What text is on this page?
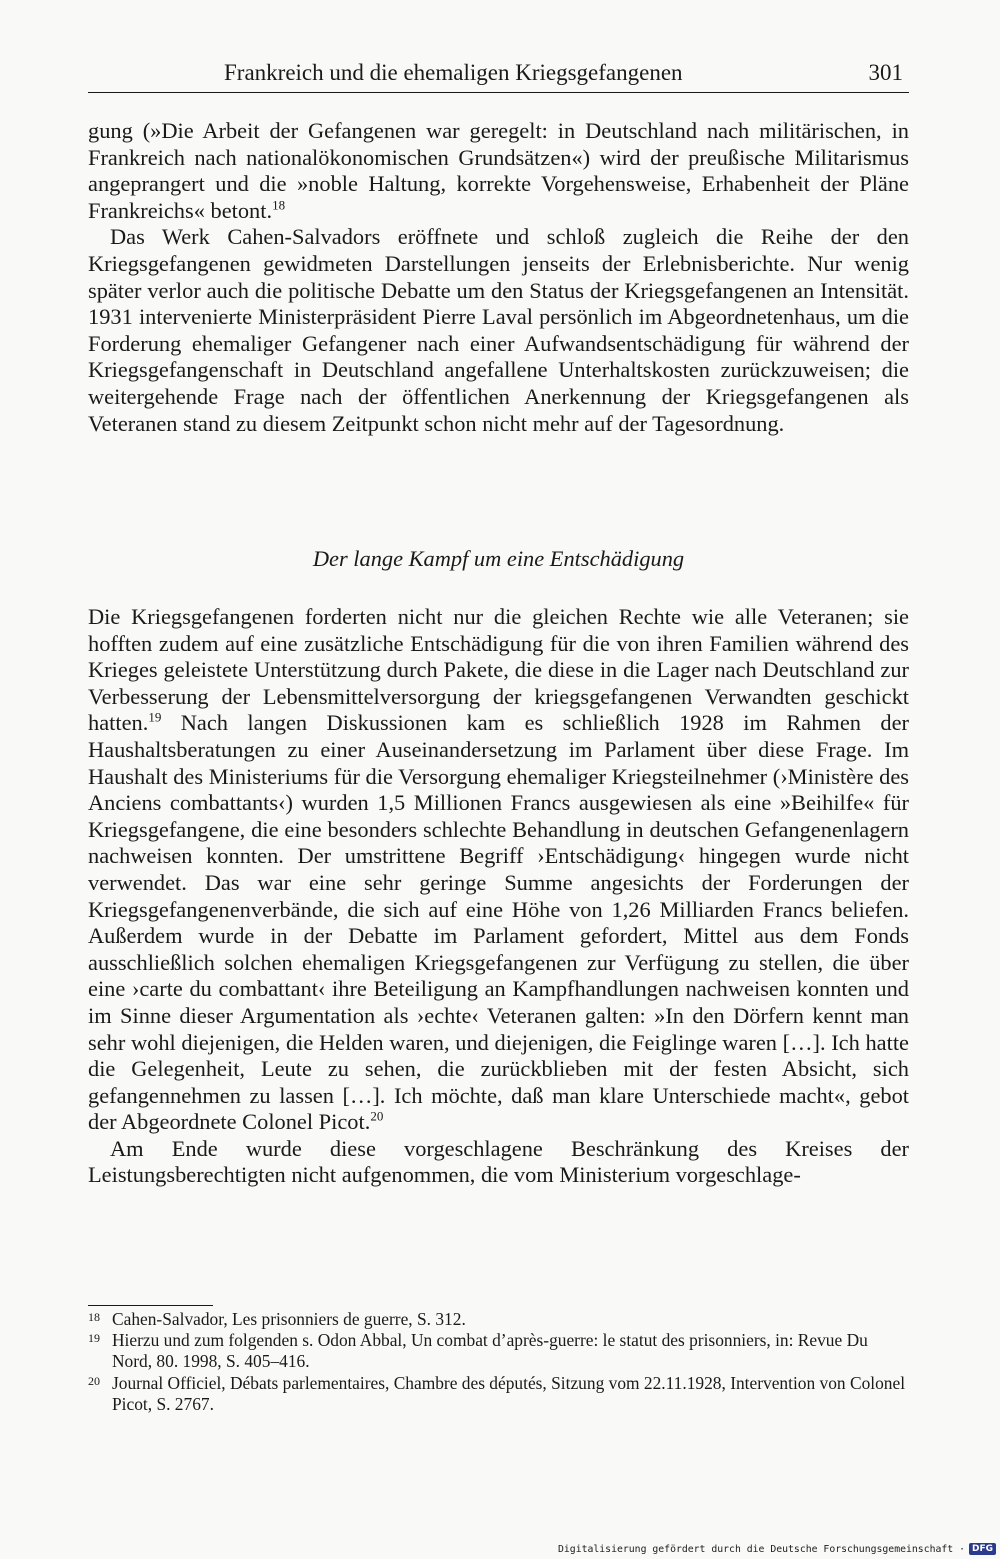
Frankreich und die ehemaligen Kriegsgefangenen	301

gung (»Die Arbeit der Gefangenen war geregelt: in Deutschland nach militärischen, in Frankreich nach nationalökonomischen Grundsätzen«) wird der preußische Militarismus angeprangert und die »noble Haltung, korrekte Vorgehensweise, Erhabenheit der Pläne Frankreichs« betont.$^{18}$

Das Werk Cahen-Salvadors eröffnete und schloß zugleich die Reihe der den Kriegsgefangenen gewidmeten Darstellungen jenseits der Erlebnisberichte. Nur wenig später verlor auch die politische Debatte um den Status der Kriegsgefangenen an Intensität. 1931 intervenierte Ministerpräsident Pierre Laval persönlich im Abgeordnetenhaus, um die Forderung ehemaliger Gefangener nach einer Aufwandsentschädigung für während der Kriegsgefangenschaft in Deutschland angefallene Unterhaltskosten zurückzuweisen; die weitergehende Frage nach der öffentlichen Anerkennung der Kriegsgefangenen als Veteranen stand zu diesem Zeitpunkt schon nicht mehr auf der Tagesordnung.

Der lange Kampf um eine Entschädigung

Die Kriegsgefangenen forderten nicht nur die gleichen Rechte wie alle Veteranen; sie hofften zudem auf eine zusätzliche Entschädigung für die von ihren Familien während des Krieges geleistete Unterstützung durch Pakete, die diese in die Lager nach Deutschland zur Verbesserung der Lebensmittelversorgung der kriegsgefangenen Verwandten geschickt hatten.$^{19}$ Nach langen Diskussionen kam es schließlich 1928 im Rahmen der Haushaltsberatungen zu einer Auseinandersetzung im Parlament über diese Frage. Im Haushalt des Ministeriums für die Versorgung ehemaliger Kriegsteilnehmer (›Ministère des Anciens combattants‹) wurden 1,5 Millionen Francs ausgewiesen als eine »Beihilfe« für Kriegsgefangene, die eine besonders schlechte Behandlung in deutschen Gefangenenlagern nachweisen konnten. Der umstrittene Begriff ›Entschädigung‹ hingegen wurde nicht verwendet. Das war eine sehr geringe Summe angesichts der Forderungen der Kriegsgefangenenverbände, die sich auf eine Höhe von 1,26 Milliarden Francs beliefen. Außerdem wurde in der Debatte im Parlament gefordert, Mittel aus dem Fonds ausschließlich solchen ehemaligen Kriegsgefangenen zur Verfügung zu stellen, die über eine ›carte du combattant‹ ihre Beteiligung an Kampfhandlungen nachweisen konnten und im Sinne dieser Argumentation als ›echte‹ Veteranen galten: »In den Dörfern kennt man sehr wohl diejenigen, die Helden waren, und diejenigen, die Feiglinge waren […]. Ich hatte die Gelegenheit, Leute zu sehen, die zurückblieben mit der festen Absicht, sich gefangennehmen zu lassen […]. Ich möchte, daß man klare Unterschiede macht«, gebot der Abgeordnete Colonel Picot.$^{20}$

Am Ende wurde diese vorgeschlagene Beschränkung des Kreises der Leistungsberechtigten nicht aufgenommen, die vom Ministerium vorgeschlage-

18 Cahen-Salvador, Les prisonniers de guerre, S. 312.
19 Hierzu und zum folgenden s. Odon Abbal, Un combat d’après-guerre: le statut des prisonniers, in: Revue Du Nord, 80. 1998, S. 405–416.
20 Journal Officiel, Débats parlementaires, Chambre des députés, Sitzung vom 22.11.1928, Intervention von Colonel Picot, S. 2767.
Digitalisierung gefördert durch die Deutsche Forschungsgemeinschaft · DFG
